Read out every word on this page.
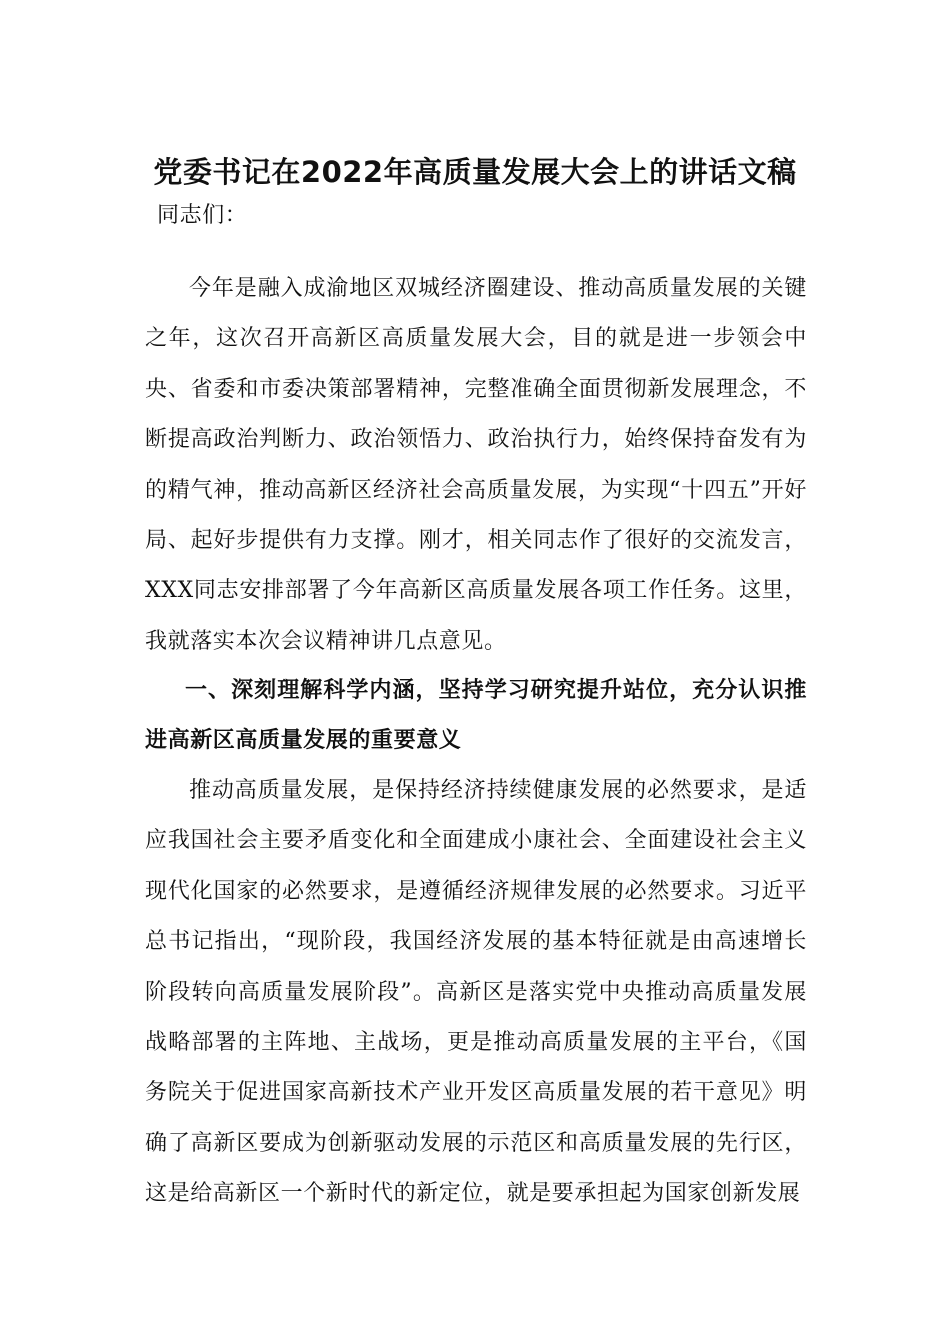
党委书记在2022年高质量发展大会上的讲话文稿
同志们：

今年是融入成渝地区双城经济圈建设、推动高质量发展的关键之年，这次召开高新区高质量发展大会，目的就是进一步领会中央、省委和市委决策部署精神，完整准确全面贯彻新发展理念，不断提高政治判断力、政治领悟力、政治执行力，始终保持奋发有为的精气神，推动高新区经济社会高质量发展，为实现“十四五”开好局、起好步提供有力支撑。刚才，相关同志作了很好的交流发言，XXX同志安排部署了今年高新区高质量发展各项工作任务。这里，我就落实本次会议精神讲几点意见。

一、深刻理解科学内涵，坚持学习研究提升站位，充分认识推进高新区高质量发展的重要意义

推动高质量发展，是保持经济持续健康发展的必然要求，是适应我国社会主要矛盾变化和全面建成小康社会、全面建设社会主义现代化国家的必然要求，是遵循经济规律发展的必然要求。习近平总书记指出，“现阶段，我国经济发展的基本特征就是由高速增长阶段转向高质量发展阶段”。高新区是落实党中央推动高质量发展战略部署的主阵地、主战场，更是推动高质量发展的主平台，《国务院关于促进国家高新技术产业开发区高质量发展的若干意见》明确了高新区要成为创新驱动发展的示范区和高质量发展的先行区，这是给高新区一个新时代的新定位，就是要承担起为国家创新发展
